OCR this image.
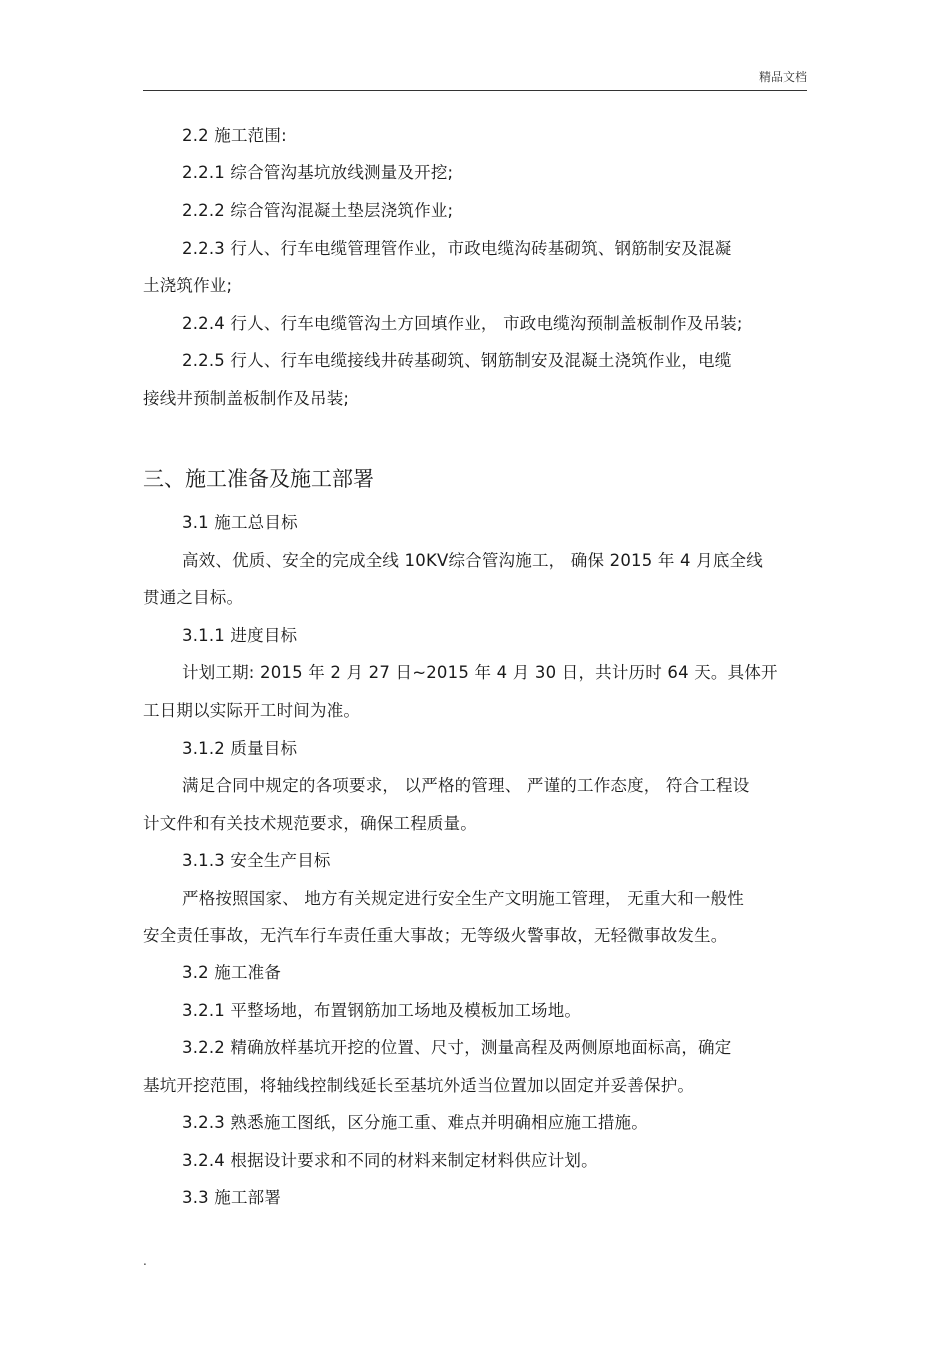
精品文档
2.2 施工范围:
2.2.1 综合管沟基坑放线测量及开挖;
2.2.2 综合管沟混凝土垫层浇筑作业;
2.2.3 行人、行车电缆管理管作业，市政电缆沟砖基砌筑、钢筋制安及混凝
土浇筑作业;
2.2.4 行人、行车电缆管沟土方回填作业， 市政电缆沟预制盖板制作及吊装;
2.2.5 行人、行车电缆接线井砖基砌筑、钢筋制安及混凝土浇筑作业，电缆
接线井预制盖板制作及吊装;
三、施工准备及施工部署
3.1 施工总目标
高效、优质、安全的完成全线 10KV综合管沟施工， 确保 2015 年 4 月底全线
贯通之目标。
3.1.1 进度目标
计划工期: 2015 年 2 月 27 日~2015 年 4 月 30 日，共计历时 64 天。具体开
工日期以实际开工时间为准。
3.1.2 质量目标
满足合同中规定的各项要求， 以严格的管理、 严谨的工作态度， 符合工程设
计文件和有关技术规范要求，确保工程质量。
3.1.3 安全生产目标
严格按照国家、 地方有关规定进行安全生产文明施工管理， 无重大和一般性
安全责任事故，无汽车行车责任重大事故；无等级火警事故，无轻微事故发生。
3.2 施工准备
3.2.1 平整场地，布置钢筋加工场地及模板加工场地。
3.2.2 精确放样基坑开挖的位置、尺寸，测量高程及两侧原地面标高，确定
基坑开挖范围，将轴线控制线延长至基坑外适当位置加以固定并妥善保护。
3.2.3 熟悉施工图纸，区分施工重、难点并明确相应施工措施。
3.2.4 根据设计要求和不同的材料来制定材料供应计划。
3.3 施工部署
.
